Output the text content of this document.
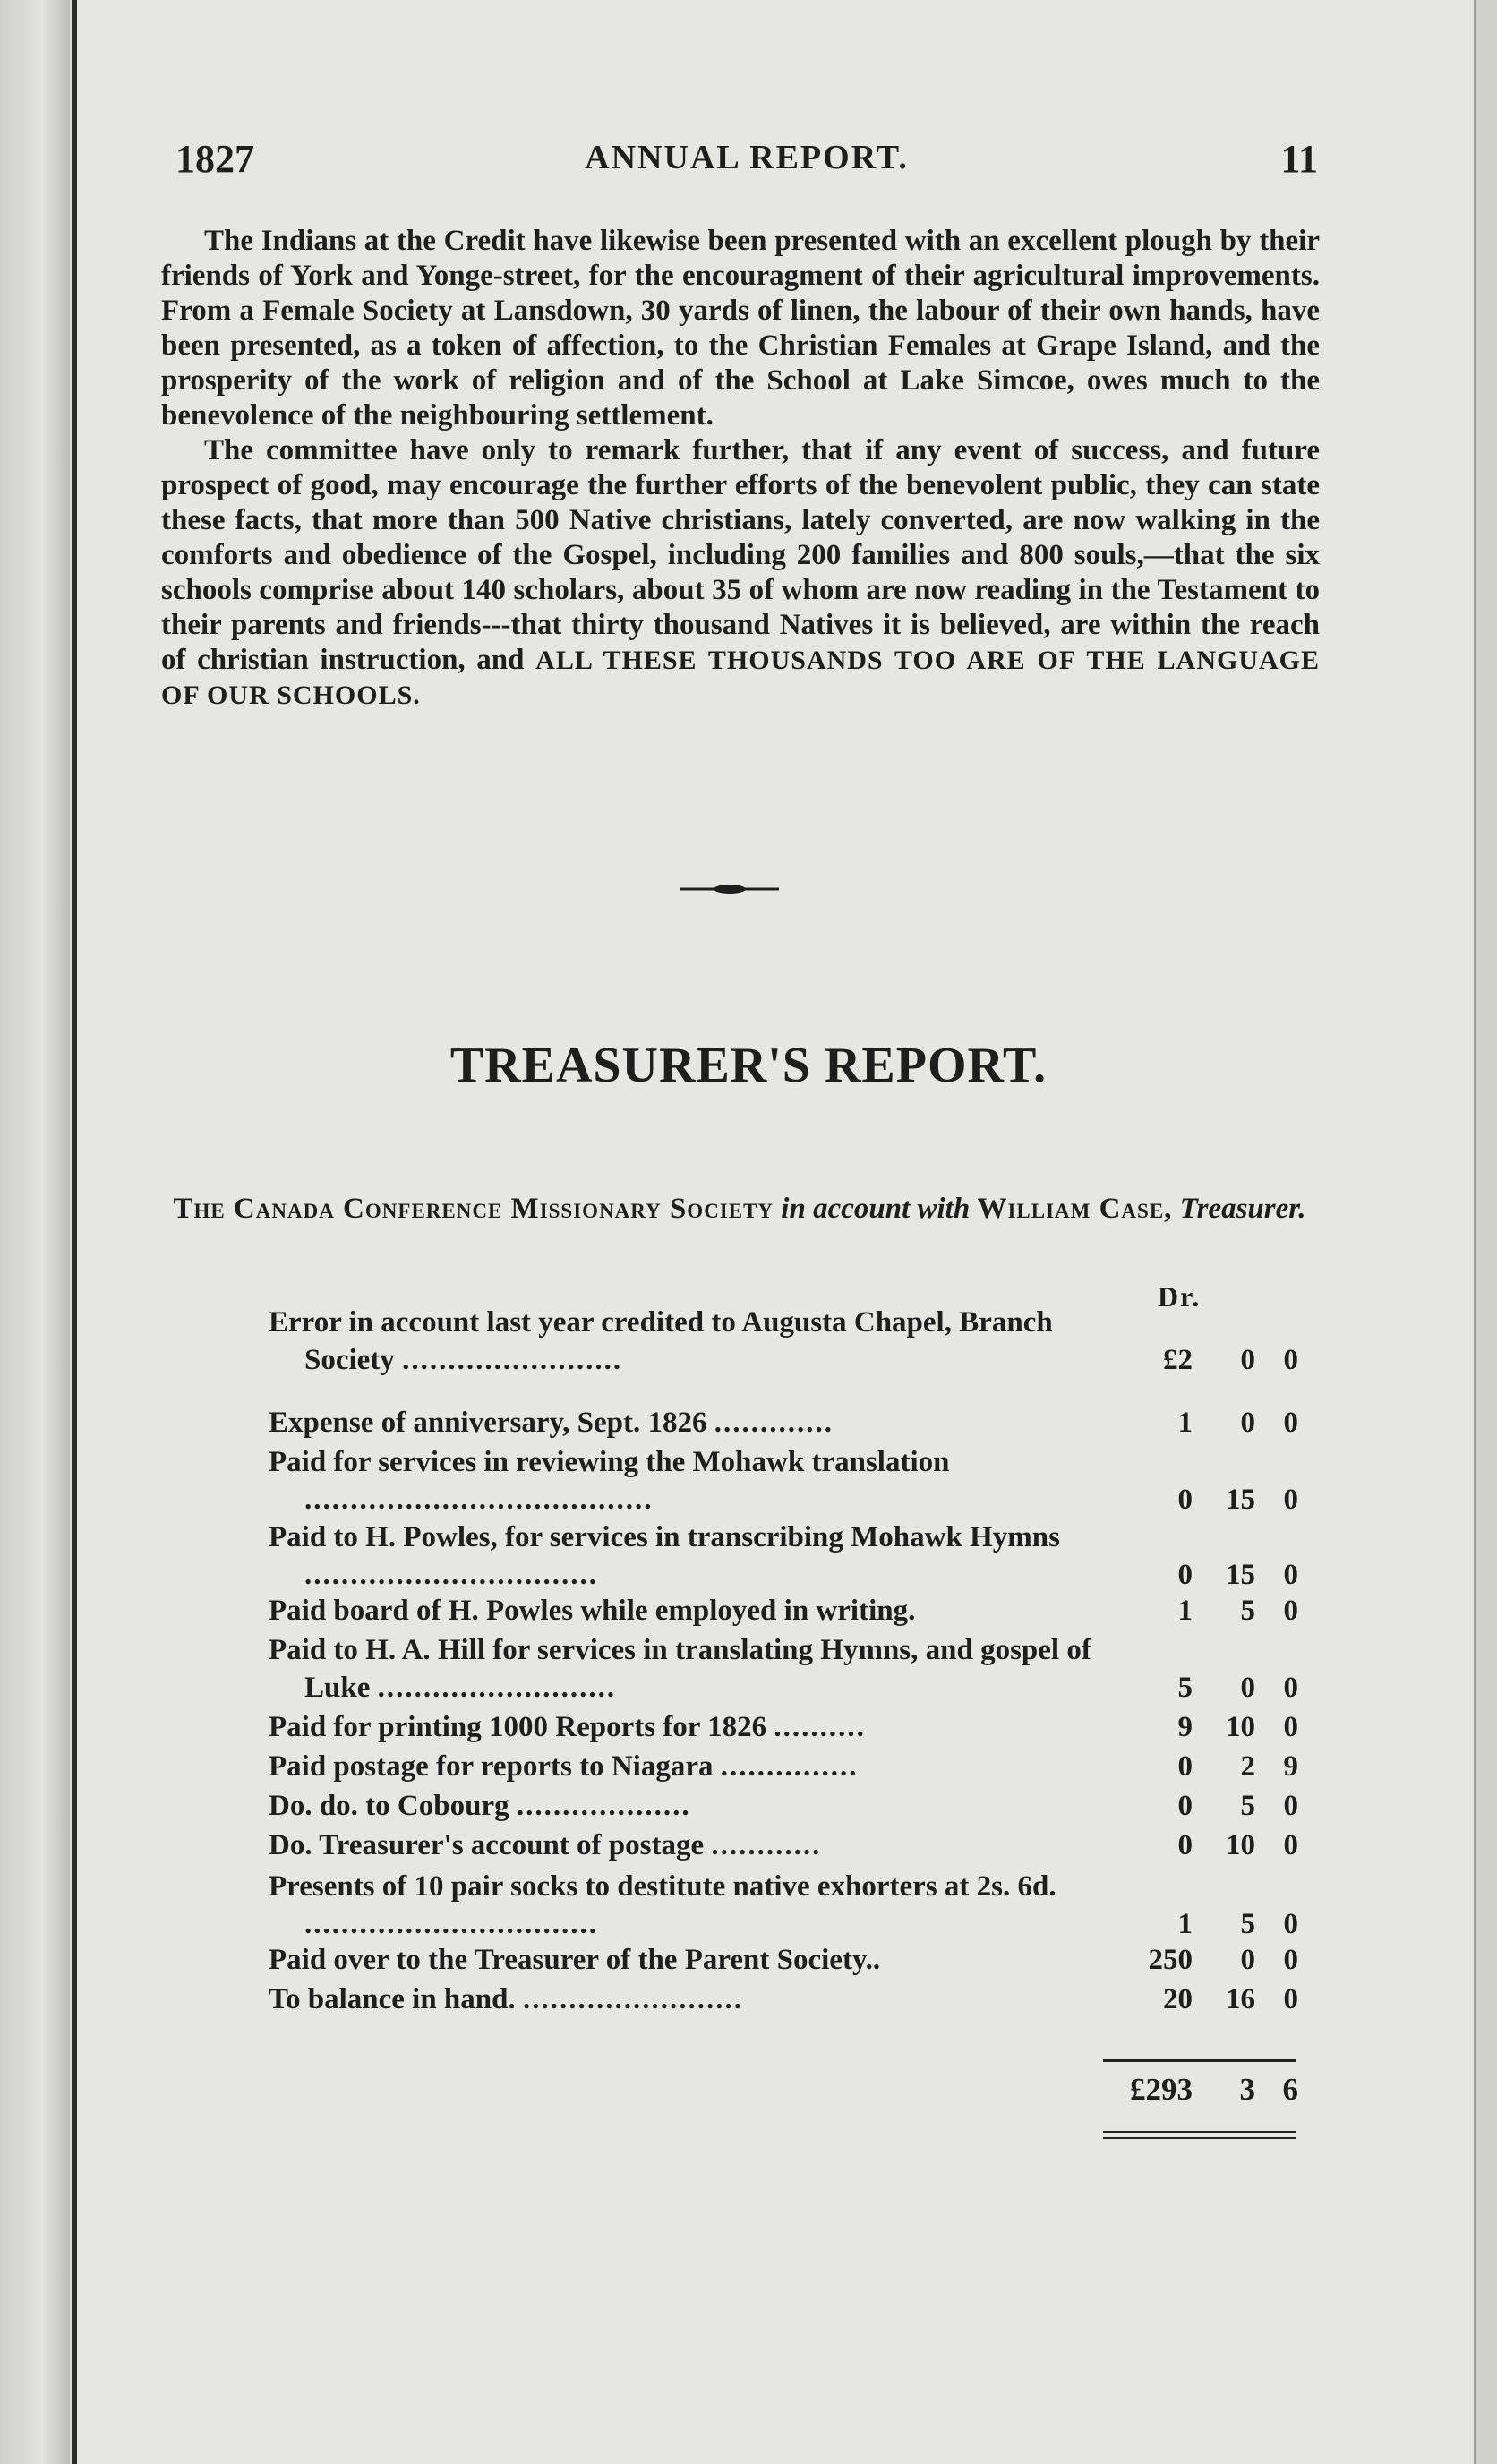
1827	ANNUAL REPORT.	11

The Indians at the Credit have likewise been presented with an excellent plough by their friends of York and Yonge-street, for the encouragment of their agricultural improvements. From a Female Society at Lansdown, 30 yards of linen, the labour of their own hands, have been presented, as a token of affection, to the Christian Females at Grape Island, and the prosperity of the work of religion and of the School at Lake Simcoe, owes much to the benevolence of the neighbouring settlement.

The committee have only to remark further, that if any event of success, and future prospect of good, may encourage the further efforts of the benevolent public, they can state these facts, that more than 500 Native christians, lately converted, are now walking in the comforts and obedience of the Gospel, including 200 families and 800 souls,—that the six schools comprise about 140 scholars, about 35 of whom are now reading in the Testament to their parents and friends---that thirty thousand Natives it is believed, are within the reach of christian instruction, and ALL THESE THOUSANDS TOO ARE OF THE LANGUAGE OF OUR SCHOOLS.

TREASURER'S REPORT.
The Canada Conference Missionary Society in account with William Case, Treasurer.
Dr.
Error in account last year credited to Augusta Chapel, Branch Society ........................	£2	0 0
Expense of anniversary, Sept. 1826 .............	1	0 0
Paid for services in reviewing the Mohawk translation ......................................	0	15 0
Paid to H. Powles, for services in transcribing Mohawk Hymns ................................	0	15 0
Paid board of H. Powles while employed in writing.	1	5 0
Paid to H. A. Hill for services in translating Hymns, and gospel of Luke ..........................	5	0 0
Paid for printing 1000 Reports for 1826 ..........	9	10 0
Paid postage for reports to Niagara ...............	0	2 9
Do. do. to Cobourg ...................	0	5 0
Do. Treasurer's account of postage ............	0	10 0
Presents of 10 pair socks to destitute native exhorters at 2s. 6d. ................................	1	5 0
Paid over to the Treasurer of the Parent Society..	250	0 0
To balance in hand. ........................	20	16 0
£293	3 6
